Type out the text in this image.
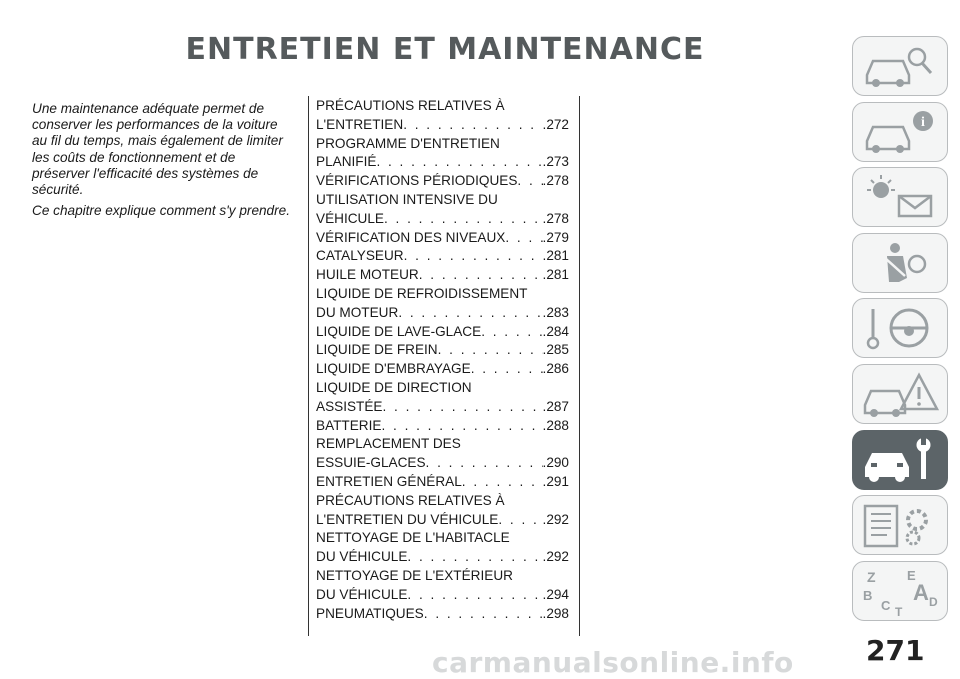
ENTRETIEN ET MAINTENANCE

Une maintenance adéquate permet de conserver les performances de la voiture au fil du temps, mais également de limiter les coûts de fonctionnement et de préserver l'efficacité des systèmes de sécurité.

Ce chapitre explique comment s'y prendre.

PRÉCAUTIONS RELATIVES À
L'ENTRETIEN . . .	. 272
PROGRAMME D'ENTRETIEN
PLANIFIÉ . . .	. 273
VÉRIFICATIONS PÉRIODIQUES . . . . 278
UTILISATION INTENSIVE DU
VÉHICULE . . .	. 278
VÉRIFICATION DES NIVEAUX . . .	. 279
CATALYSEUR . . .	. 281
HUILE MOTEUR . . .	. 281
LIQUIDE DE REFROIDISSEMENT
DU MOTEUR . . .	. 283
LIQUIDE DE LAVE-GLACE . . .	. 284
LIQUIDE DE FREIN . . .	. 285
LIQUIDE D'EMBRAYAGE . . .	. 286
LIQUIDE DE DIRECTION
ASSISTÉE . . .	. 287
BATTERIE . . .	. 288
REMPLACEMENT DES
ESSUIE-GLACES . . .	. 290
ENTRETIEN GÉNÉRAL . . .	. 291
PRÉCAUTIONS RELATIVES À
L'ENTRETIEN DU VÉHICULE . . .	. 292
NETTOYAGE DE L'HABITACLE
DU VÉHICULE . . .	. 292
NETTOYAGE DE L'EXTÉRIEUR
DU VÉHICULE . . .	. 294
PNEUMATIQUES . . .	. 298
i
Z E
B A
C	D
T
carmanualsonline.info	271
